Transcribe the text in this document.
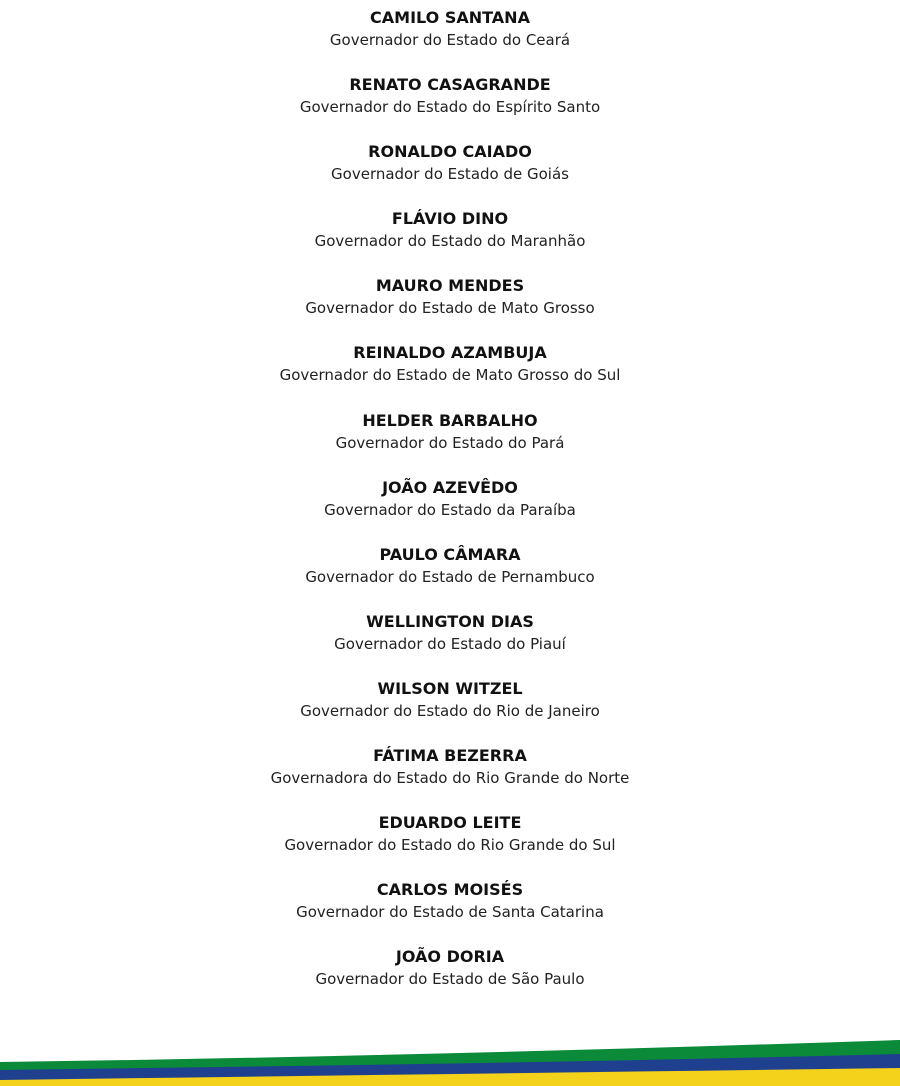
CAMILO SANTANA
Governador do Estado do Ceará
RENATO CASAGRANDE
Governador do Estado do Espírito Santo
RONALDO CAIADO
Governador do Estado de Goiás
FLÁVIO DINO
Governador do Estado do Maranhão
MAURO MENDES
Governador do Estado de Mato Grosso
REINALDO AZAMBUJA
Governador do Estado de Mato Grosso do Sul
HELDER BARBALHO
Governador do Estado do Pará
JOÃO AZEVÊDO
Governador do Estado da Paraíba
PAULO CÂMARA
Governador do Estado de Pernambuco
WELLINGTON DIAS
Governador do Estado do Piauí
WILSON WITZEL
Governador do Estado do Rio de Janeiro
FÁTIMA BEZERRA
Governadora do Estado do Rio Grande do Norte
EDUARDO LEITE
Governador do Estado do Rio Grande do Sul
CARLOS MOISÉS
Governador do Estado de Santa Catarina
JOÃO DORIA
Governador do Estado de São Paulo
